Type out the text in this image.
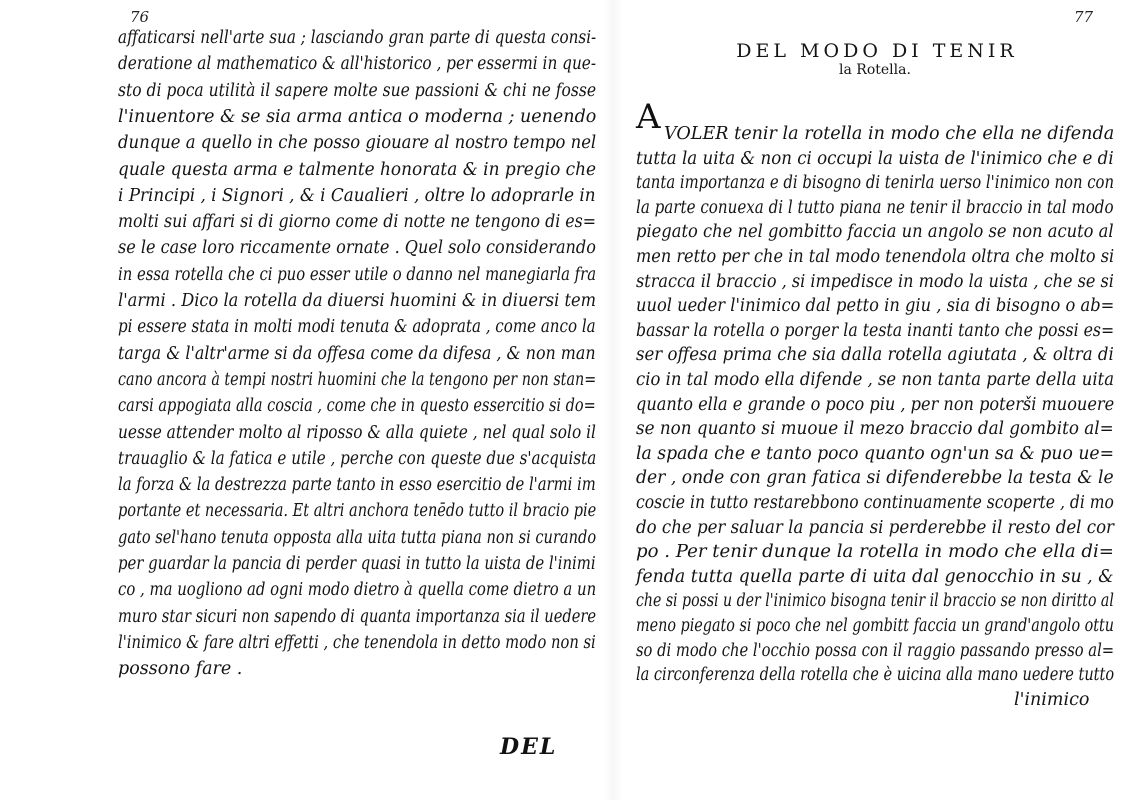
76	77
affaticarsi nell'arte sua ; lasciando gran parte di questa consi-
deratione al mathematico & all'historico , per essermi in que-
sto di poca utilità il sapere molte sue passioni & chi ne fosse
l'inuentore & se sia arma antica o moderna ; uenendo
dunque a quello in che posso giouare al nostro tempo nel
quale questa arma e talmente honorata & in pregio che
i Principi , i Signori , & i Caualieri , oltre lo adoprarle in
molti sui affari si di giorno come di notte ne tengono di es=
se le case loro riccamente ornate . Quel solo considerando
in essa rotella che ci puo esser utile o danno nel manegiarla fra
l'armi . Dico la rotella da diuersi huomini & in diuersi tem
pi essere stata in molti modi tenuta & adoprata , come anco la
targa & l'altr'arme si da offesa come da difesa , & non man
cano ancora à tempi nostri huomini che la tengono per non stan=
carsi appogiata alla coscia , come che in questo essercitio si do=
uesse attender molto al riposso & alla quiete , nel qual solo il
trauaglio & la fatica e utile , perche con queste due s'acquista
la forza & la destrezza parte tanto in esso esercitio de l'armi im
portante et necessaria. Et altri anchora tenēdo tutto il bracio pie
gato sel'hano tenuta opposta alla uita tutta piana non si curando
per guardar la pancia di perder quasi in tutto la uista de l'inimi
co , ma uogliono ad ogni modo dietro à quella come dietro a un
muro star sicuri non sapendo di quanta importanza sia il uedere
l'inimico & fare altri effetti , che tenendola in detto modo non si
possono fare .
DEL MODO DI TENIR
la Rotella.
A VOLER tenir la rotella in modo che ella ne difenda
tutta la uita & non ci occupi la uista de l'inimico che e di
tanta importanza e di bisogno di tenirla uerso l'inimico non con
la parte conuexa di l tutto piana ne tenir il braccio in tal modo
piegato che nel gombitto faccia un angolo se non acuto al
men retto per che in tal modo tenendola oltra che molto si
stracca il braccio , si impedisce in modo la uista , che se si
uuol ueder l'inimico dal petto in giu , sia di bisogno o ab=
bassar la rotella o porger la testa inanti tanto che possi es=
ser offesa prima che sia dalla rotella agiutata , & oltra di
cio in tal modo ella difende , se non tanta parte della uita
quanto ella e grande o poco piu , per non poterši muouere
se non quanto si muoue il mezo braccio dal gombito al=
la spada che e tanto poco quanto ogn'un sa & puo ue=
der , onde con gran fatica si difenderebbe la testa & le
coscie in tutto restarebbono continuamente scoperte , di mo
do che per saluar la pancia si perderebbe il resto del cor
po . Per tenir dunque la rotella in modo che ella di=
fenda tutta quella parte di uita dal genocchio in su , &
che si possi u der l'inimico bisogna tenir il braccio se non diritto al
meno piegato si poco che nel gombitt faccia un grand'angolo ottu
so di modo che l'occhio possa con il raggio passando presso al=
la circonferenza della rotella che è uicina alla mano uedere tutto
l'inimico
DEL
